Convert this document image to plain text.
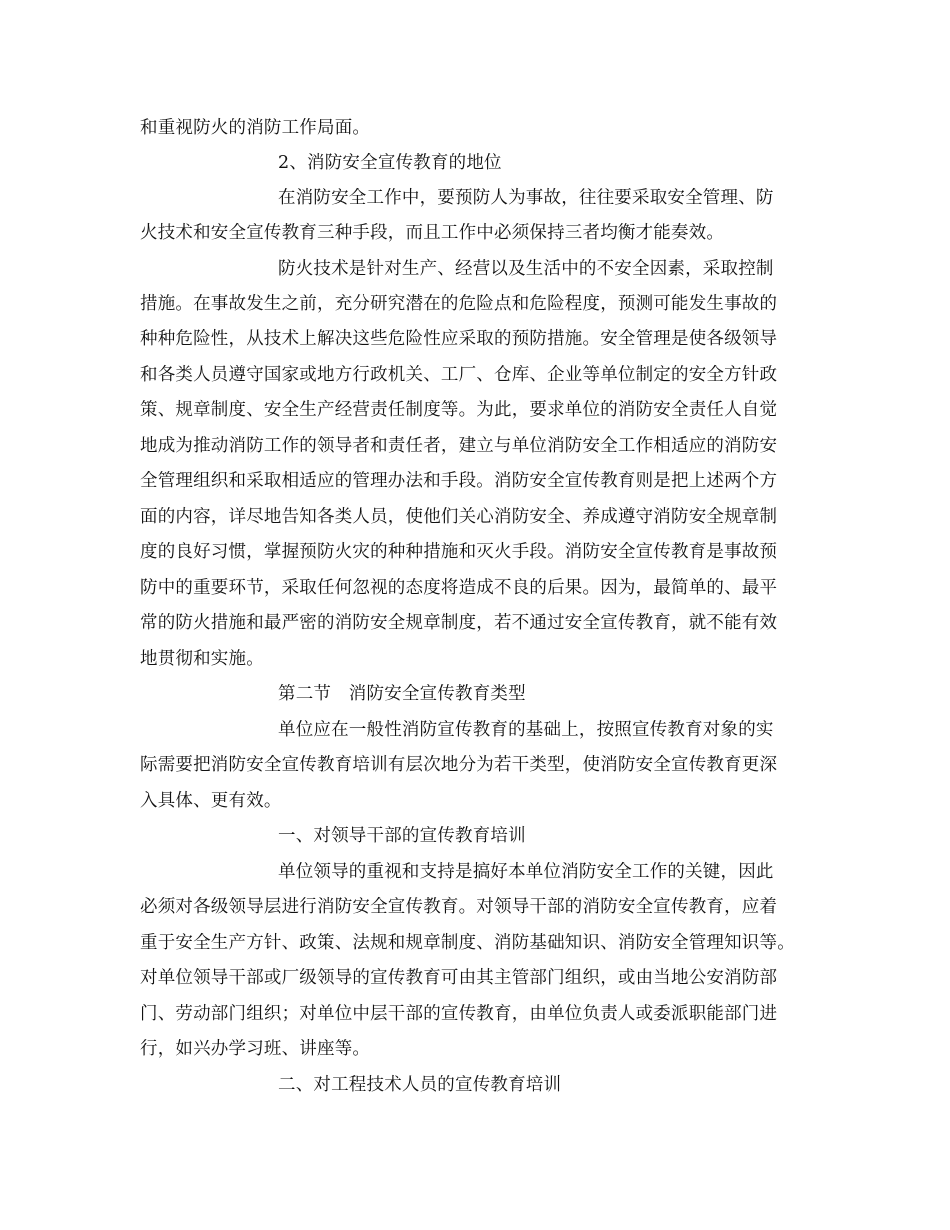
和重视防火的消防工作局面。
2、消防安全宣传教育的地位
在消防安全工作中，要预防人为事故，往往要采取安全管理、防
火技术和安全宣传教育三种手段，而且工作中必须保持三者均衡才能奏效。
防火技术是针对生产、经营以及生活中的不安全因素，采取控制
措施。在事故发生之前，充分研究潜在的危险点和危险程度，预测可能发生事故的
种种危险性，从技术上解决这些危险性应采取的预防措施。安全管理是使各级领导
和各类人员遵守国家或地方行政机关、工厂、仓库、企业等单位制定的安全方针政
策、规章制度、安全生产经营责任制度等。为此，要求单位的消防安全责任人自觉
地成为推动消防工作的领导者和责任者，建立与单位消防安全工作相适应的消防安
全管理组织和采取相适应的管理办法和手段。消防安全宣传教育则是把上述两个方
面的内容，详尽地告知各类人员，使他们关心消防安全、养成遵守消防安全规章制
度的良好习惯，掌握预防火灾的种种措施和灭火手段。消防安全宣传教育是事故预
防中的重要环节，采取任何忽视的态度将造成不良的后果。因为，最简单的、最平
常的防火措施和最严密的消防安全规章制度，若不通过安全宣传教育，就不能有效
地贯彻和实施。
第二节　消防安全宣传教育类型
单位应在一般性消防宣传教育的基础上，按照宣传教育对象的实
际需要把消防安全宣传教育培训有层次地分为若干类型，使消防安全宣传教育更深
入具体、更有效。
一、对领导干部的宣传教育培训
单位领导的重视和支持是搞好本单位消防安全工作的关键，因此
必须对各级领导层进行消防安全宣传教育。对领导干部的消防安全宣传教育，应着
重于安全生产方针、政策、法规和规章制度、消防基础知识、消防安全管理知识等。
对单位领导干部或厂级领导的宣传教育可由其主管部门组织，或由当地公安消防部
门、劳动部门组织；对单位中层干部的宣传教育，由单位负责人或委派职能部门进
行，如兴办学习班、讲座等。
二、对工程技术人员的宣传教育培训
